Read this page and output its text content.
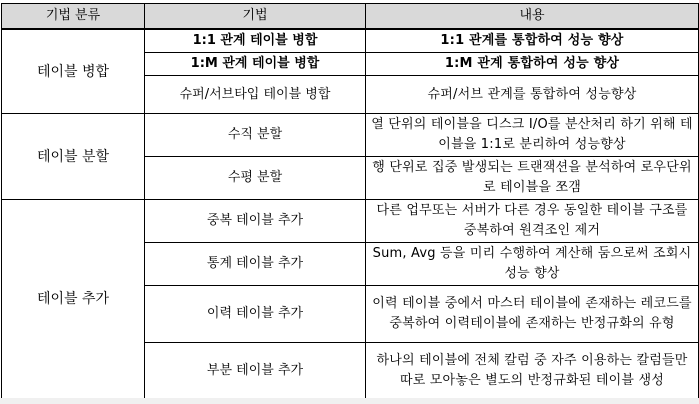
기법 분류	기법	내용
테이블 병합	1:1 관계 테이블 병합	1:1 관계를 통합하여 성능 향상
	1:M 관계 테이블 병합	1:M 관계 통합하여 성능 향상
	슈퍼/서브타입 테이블 병합	슈퍼/서브 관계를 통합하여 성능향상
테이블 분할	수직 분할	열 단위의 테이블을 디스크 I/O를 분산처리 하기 위해 테이블을 1:1로 분리하여 성능향상
	수평 분할	행 단위로 집중 발생되는 트랜잭션을 분석하여 로우단위로 테이블을 쪼갬
테이블 추가	중복 테이블 추가	다른 업무또는 서버가 다른 경우 동일한 테이블 구조를 중복하여 원격조인 제거
	통계 테이블 추가	Sum, Avg 등을 미리 수행하여 계산해 둠으로써 조회시 성능 향상
	이력 테이블 추가	이력 테이블 중에서 마스터 테이블에 존재하는 레코드를 중복하여 이력테이블에 존재하는 반정규화의 유형
	부분 테이블 추가	하나의 테이블에 전체 칼럼 중 자주 이용하는 칼럼들만 따로 모아놓은 별도의 반정규화된 테이블 생성
